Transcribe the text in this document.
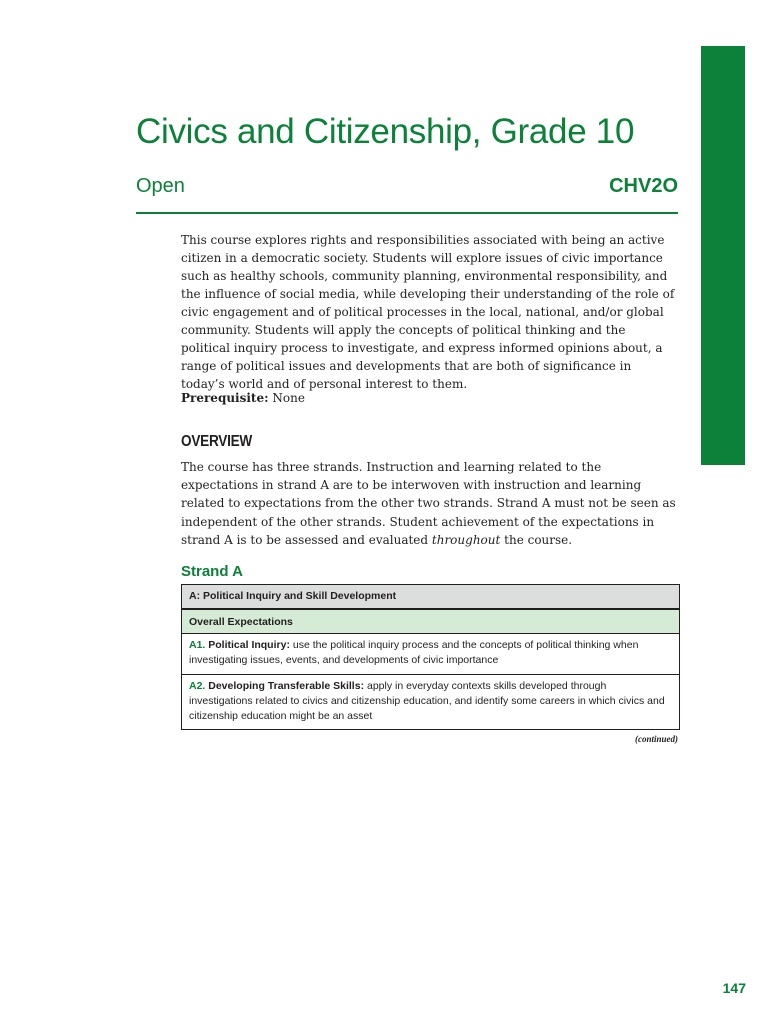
Civics and Citizenship, Grade 10
Open	CHV2O

This course explores rights and responsibilities associated with being an active citizen in a democratic society. Students will explore issues of civic importance such as healthy schools, community planning, environmental responsibility, and the influence of social media, while developing their understanding of the role of civic engagement and of political processes in the local, national, and/or global community. Students will apply the concepts of political thinking and the political inquiry process to investigate, and express informed opinions about, a range of political issues and developments that are both of significance in today’s world and of personal interest to them.

Prerequisite: None

OVERVIEW

The course has three strands. Instruction and learning related to the expectations in strand A are to be interwoven with instruction and learning related to expectations from the other two strands. Strand A must not be seen as independent of the other strands. Student achievement of the expectations in strand A is to be assessed and evaluated throughout the course.

Strand A
A: Political Inquiry and Skill Development
Overall Expectations
A1. Political Inquiry: use the political inquiry process and the concepts of political thinking when investigating issues, events, and developments of civic importance
A2. Developing Transferable Skills: apply in everyday contexts skills developed through investigations related to civics and citizenship education, and identify some careers in which civics and citizenship education might be an asset
(continued)
147
